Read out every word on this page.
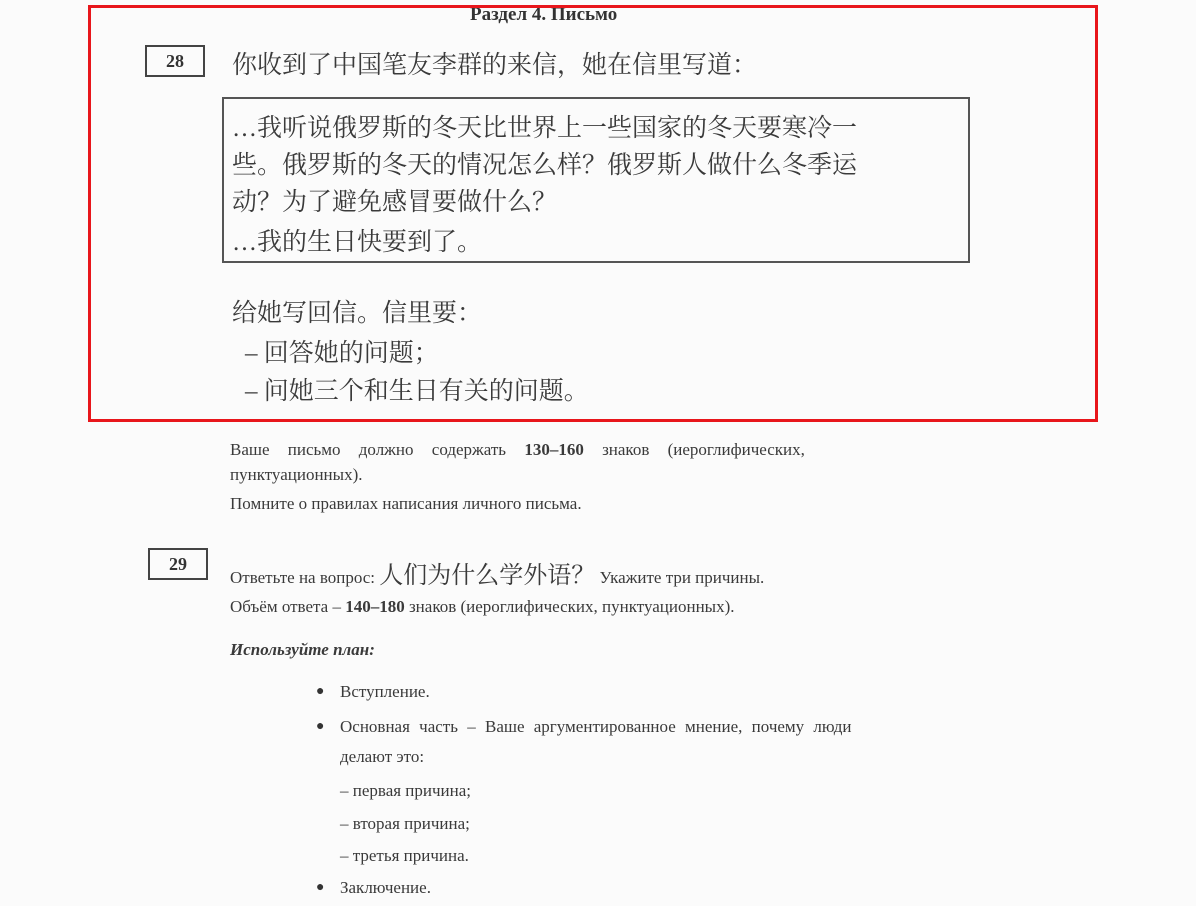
Раздел 4. Письмо
28	你收到了中国笔友李群的来信，她在信里写道：
…我听说俄罗斯的冬天比世界上一些国家的冬天要寒冷一
些。俄罗斯的冬天的情况怎么样？俄罗斯人做什么冬季运
动？为了避免感冒要做什么？
…我的生日快要到了。
给她写回信。信里要：
– 回答她的问题；
– 问她三个和生日有关的问题。
Ваше письмо должно содержать 130–160 знаков (иероглифических,
пунктуационных).
Помните о правилах написания личного письма.
29
Ответьте на вопрос: 人们为什么学外语？ Укажите три причины.
Объём ответа – 140–180 знаков (иероглифических, пунктуационных).
Используйте план:
● Вступление.
● Основная часть – Ваше аргументированное мнение, почему люди
делают это:
– первая причина;
– вторая причина;
– третья причина.
● Заключение.
